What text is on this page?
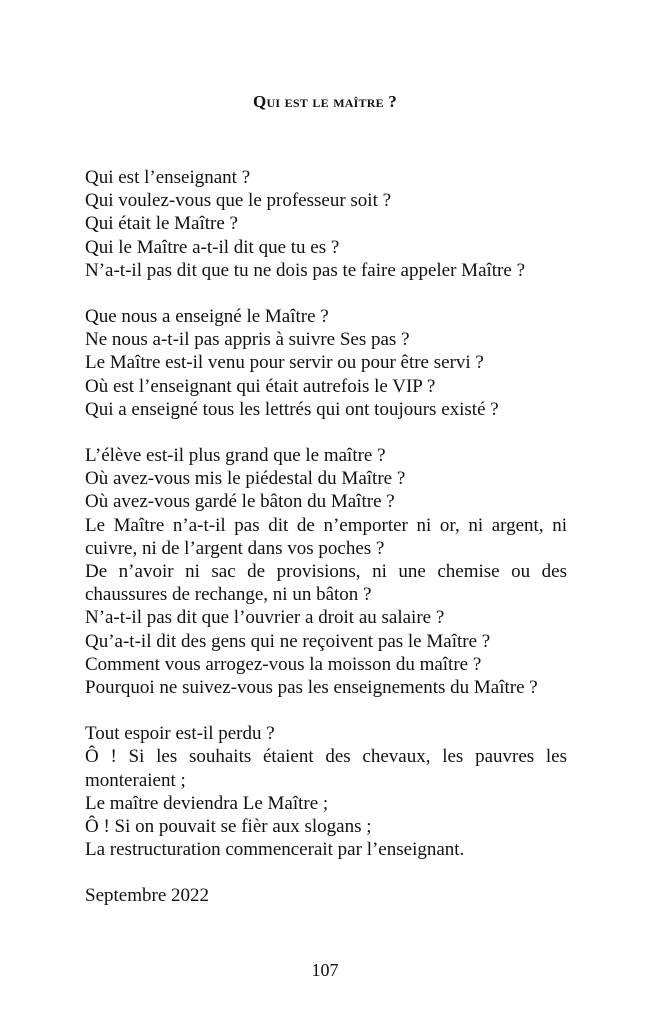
Qui est le maître ?
Qui est l’enseignant ?
Qui voulez-vous que le professeur soit ?
Qui était le Maître ?
Qui le Maître a-t-il dit que tu es ?
N’a-t-il pas dit que tu ne dois pas te faire appeler Maître ?
Que nous a enseigné le Maître ?
Ne nous a-t-il pas appris à suivre Ses pas ?
Le Maître est-il venu pour servir ou pour être servi ?
Où est l’enseignant qui était autrefois le VIP ?
Qui a enseigné tous les lettrés qui ont toujours existé ?
L’élève est-il plus grand que le maître ?
Où avez-vous mis le piédestal du Maître ?
Où avez-vous gardé le bâton du Maître ?
Le Maître n’a-t-il pas dit de n’emporter ni or, ni argent, ni cuivre, ni de l’argent dans vos poches ?
De n’avoir ni sac de provisions, ni une chemise ou des chaussures de rechange, ni un bâton ?
N’a-t-il pas dit que l’ouvrier a droit au salaire ?
Qu’a-t-il dit des gens qui ne reçoivent pas le Maître ?
Comment vous arrogez-vous la moisson du maître ?
Pourquoi ne suivez-vous pas les enseignements du Maître ?
Tout espoir est-il perdu ?
Ô ! Si les souhaits étaient des chevaux, les pauvres les monteraient ;
Le maître deviendra Le Maître ;
Ô ! Si on pouvait se fièr aux slogans ;
La restructuration commencerait par l’enseignant.
Septembre 2022
107
